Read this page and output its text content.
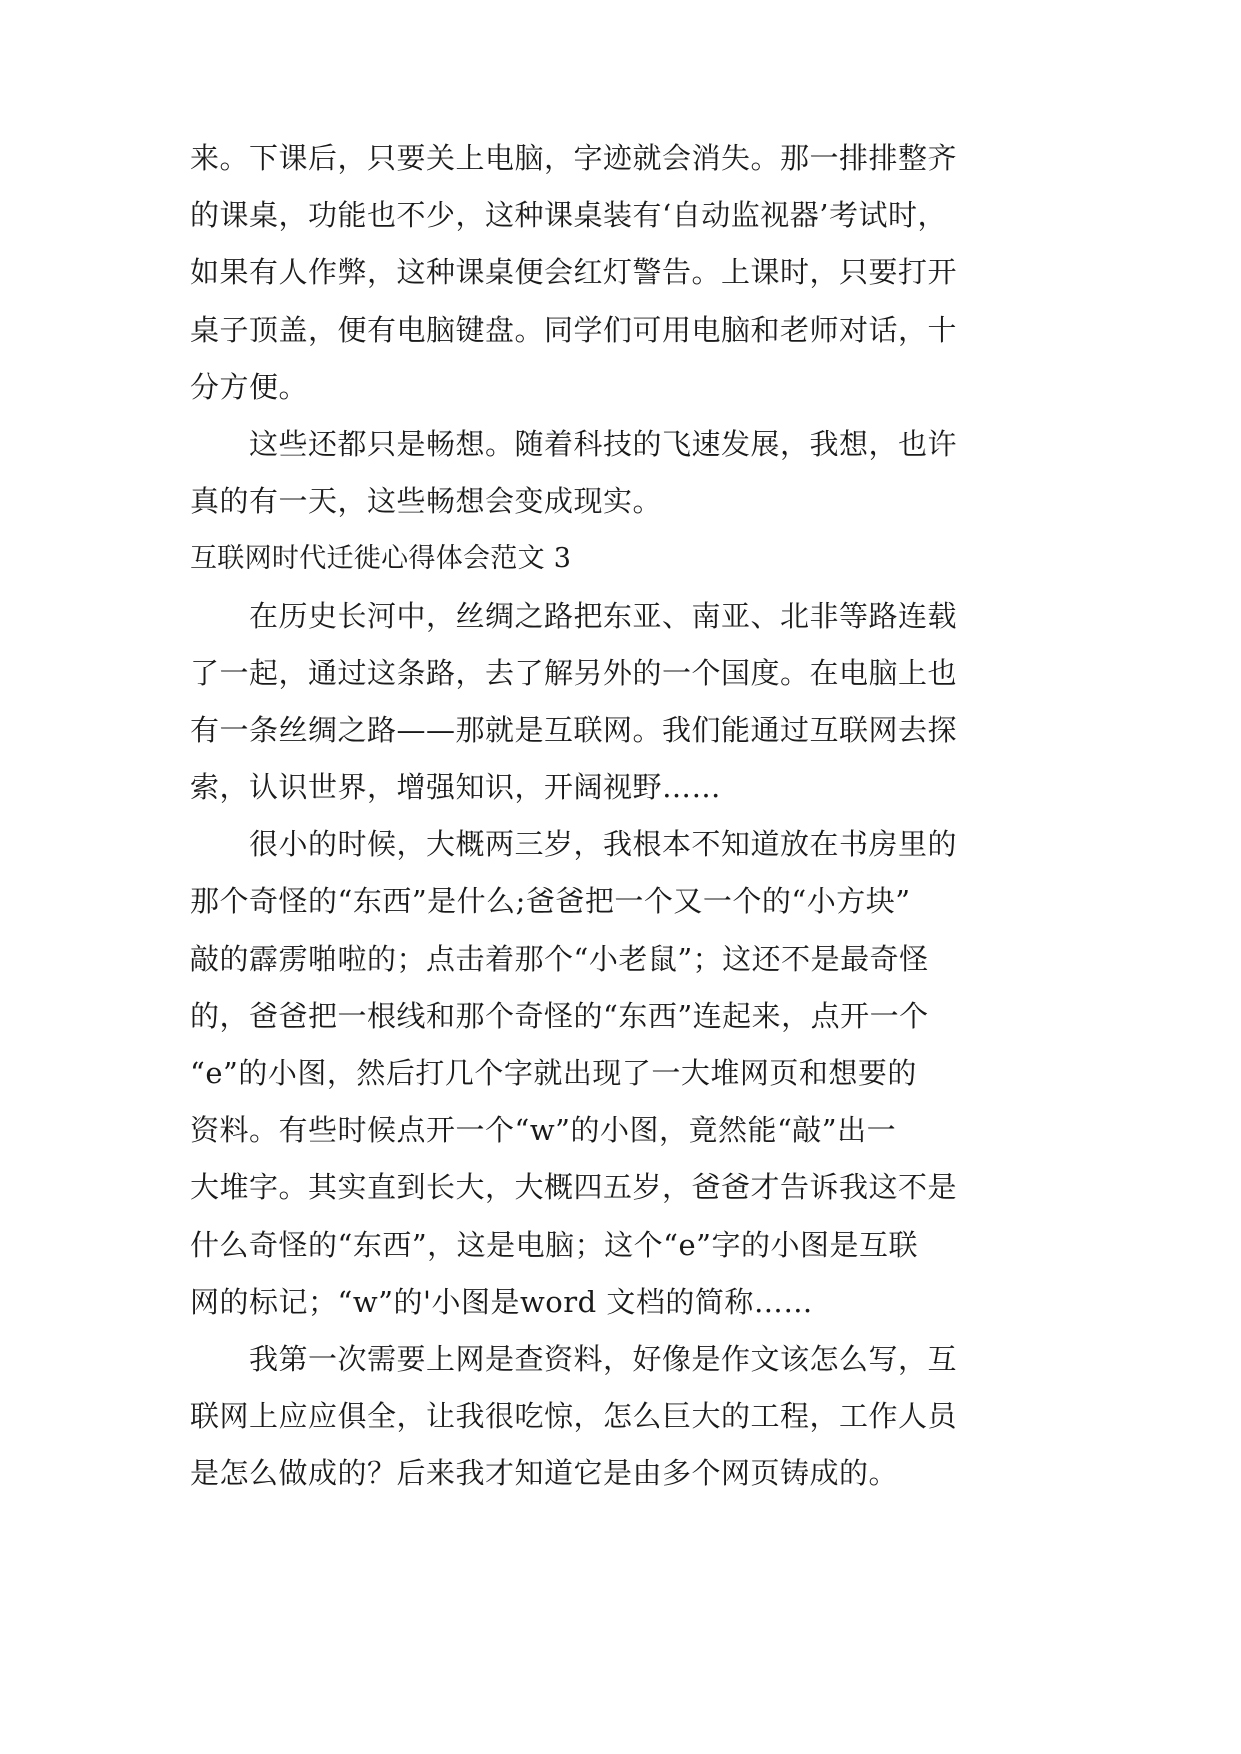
来。下课后，只要关上电脑，字迹就会消失。那一排排整齐
的课桌，功能也不少，这种课桌装有‘自动监视器’考试时，
如果有人作弊，这种课桌便会红灯警告。上课时，只要打开
桌子顶盖，便有电脑键盘。同学们可用电脑和老师对话，十
分方便。
　　这些还都只是畅想。随着科技的飞速发展，我想，也许
真的有一天，这些畅想会变成现实。
互联网时代迁徙心得体会范文 3
　　在历史长河中，丝绸之路把东亚、南亚、北非等路连载
了一起，通过这条路，去了解另外的一个国度。在电脑上也
有一条丝绸之路——那就是互联网。我们能通过互联网去探
索，认识世界，增强知识，开阔视野……
　　很小的时候，大概两三岁，我根本不知道放在书房里的
那个奇怪的“东西”是什么;爸爸把一个又一个的“小方块”
敲的霹雳啪啦的；点击着那个“小老鼠”；这还不是最奇怪
的，爸爸把一根线和那个奇怪的“东西”连起来，点开一个
“e”的小图，然后打几个字就出现了一大堆网页和想要的
资料。有些时候点开一个“w”的小图，竟然能“敲”出一
大堆字。其实直到长大，大概四五岁，爸爸才告诉我这不是
什么奇怪的“东西”，这是电脑；这个“e”字的小图是互联
网的标记；“w”的'小图是word 文档的简称……
　　我第一次需要上网是查资料，好像是作文该怎么写，互
联网上应应俱全，让我很吃惊，怎么巨大的工程，工作人员
是怎么做成的？后来我才知道它是由多个网页铸成的。
